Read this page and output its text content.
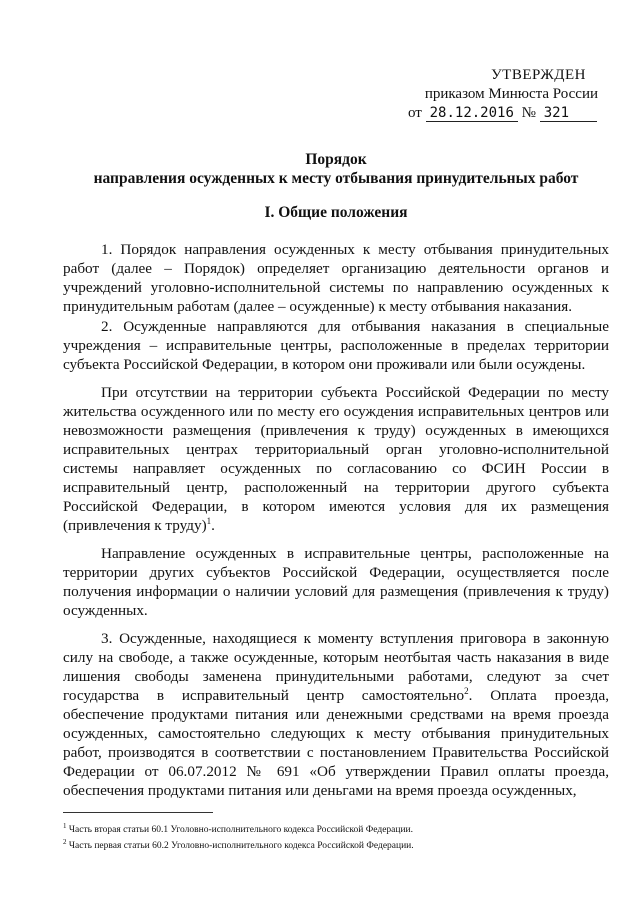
УТВЕРЖДЕН
приказом Минюста России
от 28.12.2016 № 321
Порядок
направления осужденных к месту отбывания принудительных работ
I. Общие положения

1. Порядок направления осужденных к месту отбывания принудительных работ (далее – Порядок) определяет организацию деятельности органов и учреждений уголовно-исполнительной системы по направлению осужденных к принудительным работам (далее – осужденные) к месту отбывания наказания.

2. Осужденные направляются для отбывания наказания в специальные учреждения – исправительные центры, расположенные в пределах территории субъекта Российской Федерации, в котором они проживали или были осуждены.

При отсутствии на территории субъекта Российской Федерации по месту жительства осужденного или по месту его осуждения исправительных центров или невозможности размещения (привлечения к труду) осужденных в имеющихся исправительных центрах территориальный орган уголовно-исполнительной системы направляет осужденных по согласованию со ФСИН России в исправительный центр, расположенный на территории другого субъекта Российской Федерации, в котором имеются условия для их размещения (привлечения к труду)$^1$.

Направление осужденных в исправительные центры, расположенные на территории других субъектов Российской Федерации, осуществляется после получения информации о наличии условий для размещения (привлечения к труду) осужденных.

3. Осужденные, находящиеся к моменту вступления приговора в законную силу на свободе, а также осужденные, которым неотбытая часть наказания в виде лишения свободы заменена принудительными работами, следуют за счет государства в исправительный центр самостоятельно$^2$. Оплата проезда, обеспечение продуктами питания или денежными средствами на время проезда осужденных, самостоятельно следующих к месту отбывания принудительных работ, производятся в соответствии с постановлением Правительства Российской Федерации от 06.07.2012 № 691 «Об утверждении Правил оплаты проезда, обеспечения продуктами питания или деньгами на время проезда осужденных,

$^1$ Часть вторая статьи 60.1 Уголовно-исполнительного кодекса Российской Федерации.
$^2$ Часть первая статьи 60.2 Уголовно-исполнительного кодекса Российской Федерации.
